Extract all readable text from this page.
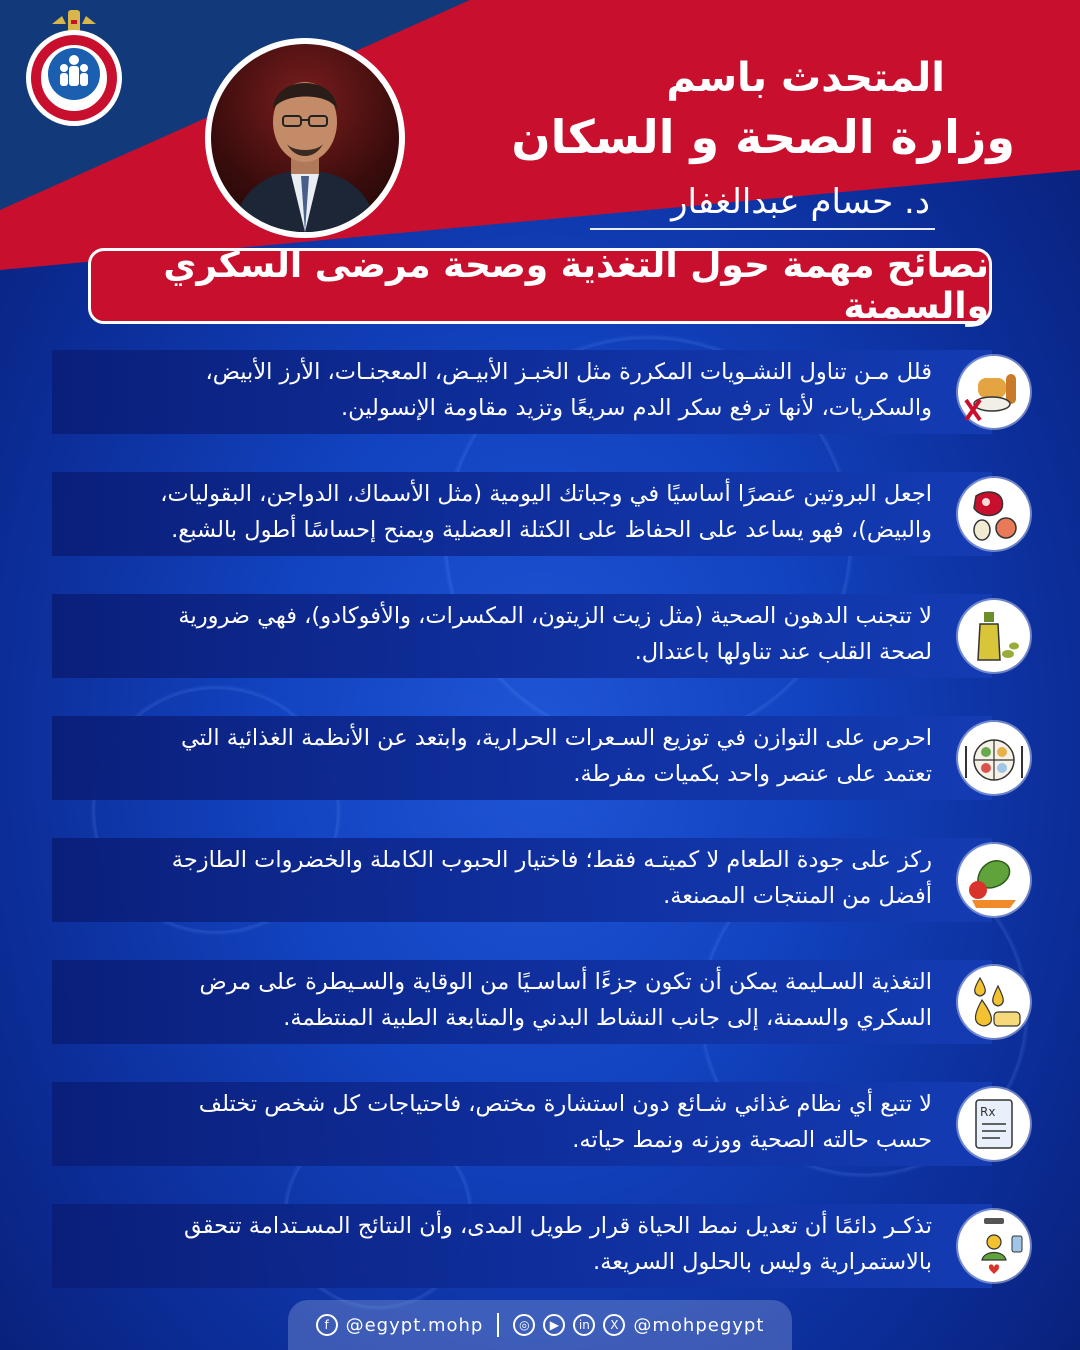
المتحدث باسم

وزارة الصحة و السكان

د. حسام عبدالغفار

نصائح مهمة حول التغذية وصحة مرضى السكري والسمنة

قلل مـن تناول النشـويات المكررة مثل الخبـز الأبيـض، المعجنـات، الأرز الأبيض،
والسكريات، لأنها ترفع سكر الدم سريعًا وتزيد مقاومة الإنسولين.

اجعل البروتين عنصرًا أساسيًا في وجباتك اليومية (مثل الأسماك، الدواجن، البقوليات،
والبيض)، فهو يساعد على الحفاظ على الكتلة العضلية ويمنح إحساسًا أطول بالشبع.

لا تتجنب الدهون الصحية (مثل زيت الزيتون، المكسرات، والأفوكادو)، فهي ضرورية
لصحة القلب عند تناولها باعتدال.

احرص على التوازن في توزيع السـعرات الحرارية، وابتعد عن الأنظمة الغذائية التي
تعتمد على عنصر واحد بكميات مفرطة.

ركز على جودة الطعام لا كميتـه فقط؛ فاختيار الحبوب الكاملة والخضروات الطازجة
أفضل من المنتجات المصنعة.

التغذية السـليمة يمكن أن تكون جزءًا أساسـيًا من الوقاية والسـيطرة على مرض
السكري والسمنة، إلى جانب النشاط البدني والمتابعة الطبية المنتظمة.

لا تتبع أي نظام غذائي شـائع دون استشارة مختص، فاحتياجات كل شخص تختلف
حسب حالته الصحية ووزنه ونمط حياته.

Rx

تذكـر دائمًا أن تعديل نمط الحياة قرار طويل المدى، وأن النتائج المسـتدامة تتحقق
بالاستمرارية وليس بالحلول السريعة.

f @egypt.mohp	◎	▶	in	X @mohpegypt
